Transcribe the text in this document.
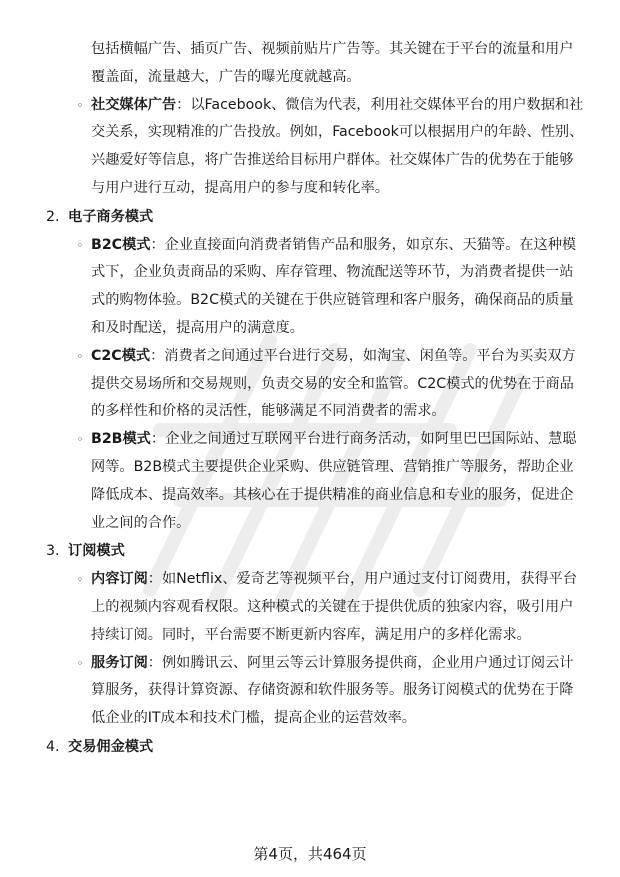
包括横幅广告、插页广告、视频前贴片广告等。其关键在于平台的流量和用户覆盖面，流量越大，广告的曝光度就越高。

◦ 社交媒体广告：以Facebook、微信为代表，利用社交媒体平台的用户数据和社交关系，实现精准的广告投放。例如，Facebook可以根据用户的年龄、性别、兴趣爱好等信息，将广告推送给目标用户群体。社交媒体广告的优势在于能够与用户进行互动，提高用户的参与度和转化率。

2. 电子商务模式

◦ B2C模式：企业直接面向消费者销售产品和服务，如京东、天猫等。在这种模式下，企业负责商品的采购、库存管理、物流配送等环节，为消费者提供一站式的购物体验。B2C模式的关键在于供应链管理和客户服务，确保商品的质量和及时配送，提高用户的满意度。

◦ C2C模式：消费者之间通过平台进行交易，如淘宝、闲鱼等。平台为买卖双方提供交易场所和交易规则，负责交易的安全和监管。C2C模式的优势在于商品的多样性和价格的灵活性，能够满足不同消费者的需求。

◦ B2B模式：企业之间通过互联网平台进行商务活动，如阿里巴巴国际站、慧聪网等。B2B模式主要提供企业采购、供应链管理、营销推广等服务，帮助企业降低成本、提高效率。其核心在于提供精准的商业信息和专业的服务，促进企业之间的合作。

3. 订阅模式

◦ 内容订阅：如Netflix、爱奇艺等视频平台，用户通过支付订阅费用，获得平台上的视频内容观看权限。这种模式的关键在于提供优质的独家内容，吸引用户持续订阅。同时，平台需要不断更新内容库，满足用户的多样化需求。

◦ 服务订阅：例如腾讯云、阿里云等云计算服务提供商，企业用户通过订阅云计算服务，获得计算资源、存储资源和软件服务等。服务订阅模式的优势在于降低企业的IT成本和技术门槛，提高企业的运营效率。

4. 交易佣金模式
第4页，共464页
